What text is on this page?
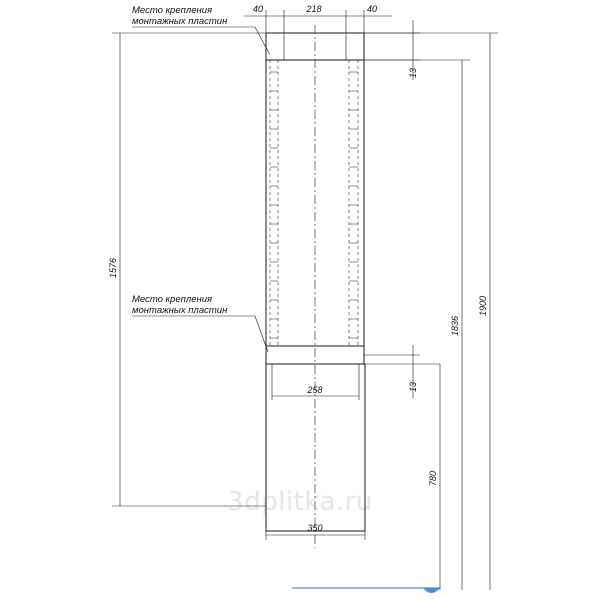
3dplitka.ru
40	218	40
13
13
258
350
1576
1836
1900
780
Место крепления
монтажных пластин
Место крепления
монтажных пластин
